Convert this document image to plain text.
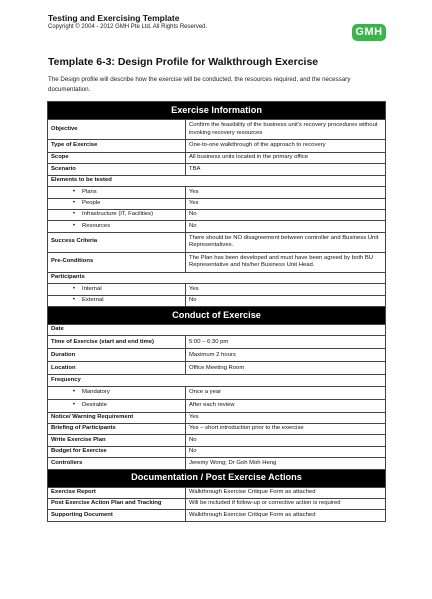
Testing and Exercising Template
Copyright © 2004 - 2012 GMH Pte Ltd. All Rights Reserved.	GMH
Template 6-3: Design Profile for Walkthrough Exercise
The Design profile will describe how the exercise will be conducted, the resources required, and the necessary documentation.
Exercise Information	
Objective	Confirm the feasibility of the business unit’s recovery procedures without invoking recovery resources
Type of Exercise	One-to-one walkthrough of the approach to recovery
Scope	All business units located in the primary office
Scenario	TBA
Elements to be tested	
• Plans	Yes
• People	Yes
• Infrastructure (IT, Facilities)	No
• Resources	No
Success Criteria	There should be NO disagreement between controller and Business Unit Representatives.
Pre-Conditions	The Plan has been developed and must have been agreed by both BU Representative and his/her Business Unit Head.
Participants	
• Internal	Yes
• External	No
Conduct of Exercise	
Date	
Time of Exercise (start and end time)	5:00 – 6:30 pm
Duration	Maximum 2 hours
Location	Office Meeting Room
Frequency	
• Mandatory	Once a year
• Desirable	After each review
Notice/ Warning Requirement	Yes
Briefing of Participants	Yes – short introduction prior to the exercise
Write Exercise Plan	No
Budget for Exercise	No
Controllers	Jeremy Wong; Dr Goh Moh Heng
Documentation / Post Exercise Actions	
Exercise Report	Walkthrough Exercise Critique Form as attached
Post Exercise Action Plan and Tracking	Will be included if follow-up or corrective action is required
Supporting Document	Walkthrough Exercise Critique Form as attached
